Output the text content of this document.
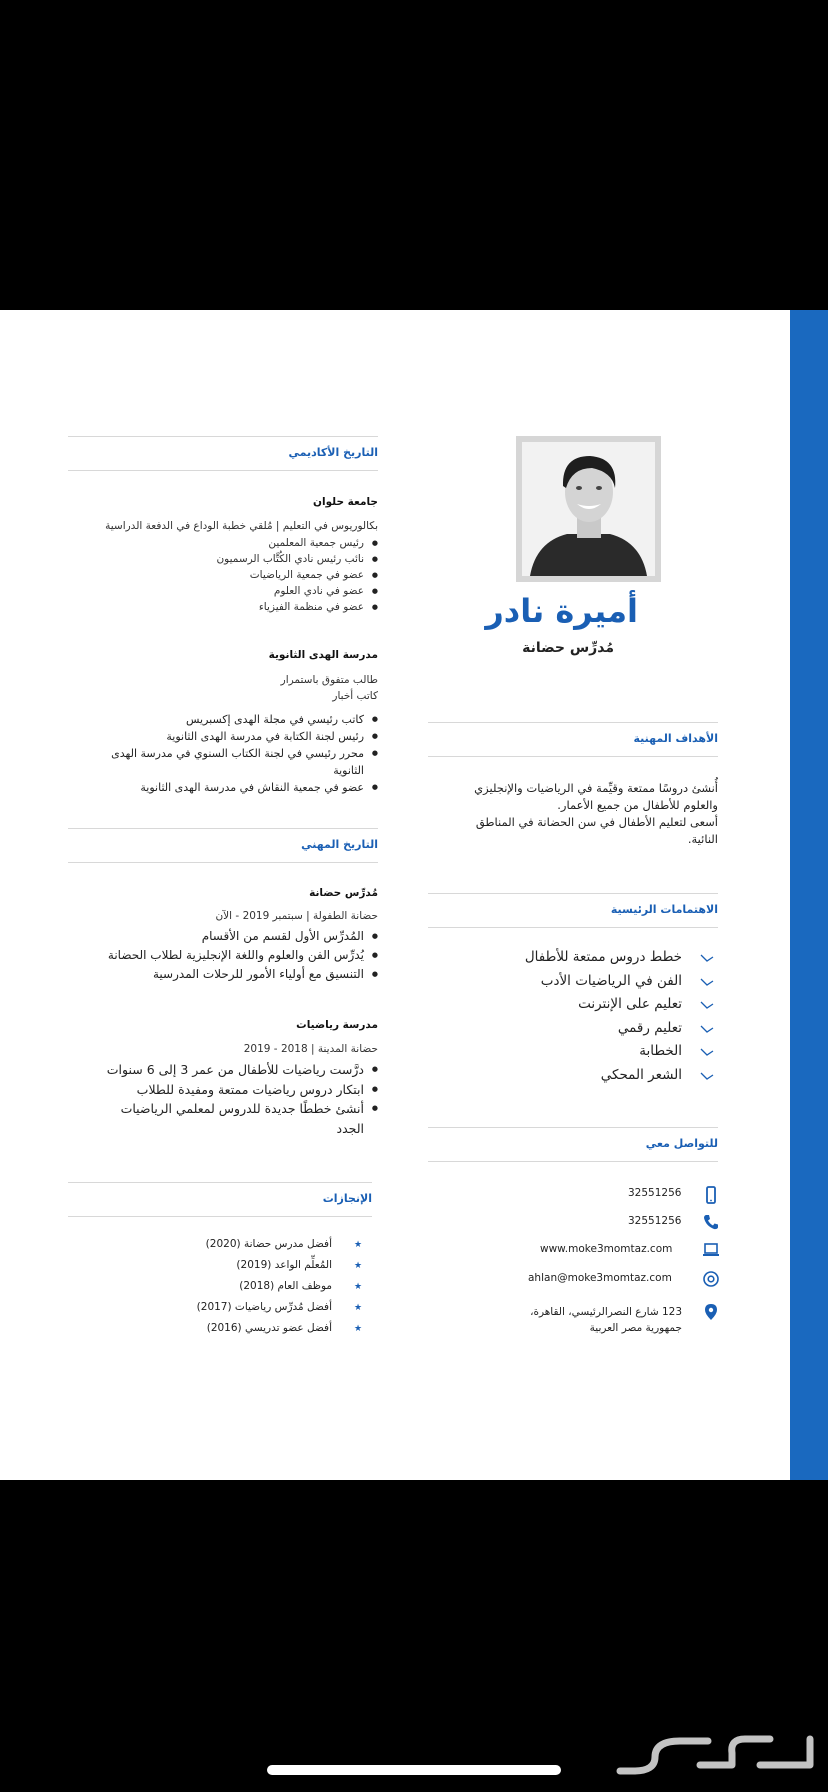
أميرة نادر
مُدرِّس حضانة
الأهداف المهنية
أُنشئ دروسًا ممتعة وقيِّمة في الرياضيات والإنجليزي
والعلوم للأطفال من جميع الأعمار.
أسعى لتعليم الأطفال في سن الحضانة في المناطق
النائية.
الاهتمامات الرئيسية
خطط دروس ممتعة للأطفال
الفن في الرياضيات الأدب
تعليم على الإنترنت
تعليم رقمي
الخطابة
الشعر المحكي
للتواصل معي
32551256
32551256
www.moke3momtaz.com
ahlan@moke3momtaz.com
123 شارع النصرالرئيسي، القاهرة،
جمهورية مصر العربية
التاريخ الأكاديمي
جامعة حلوان
بكالوريوس في التعليم | مُلقي خطبة الوداع في الدفعة الدراسية
● رئيس جمعية المعلمين
● نائب رئيس نادي الكُتَّاب الرسميون
● عضو في جمعية الرياضيات
● عضو في نادي العلوم
● عضو في منظمة الفيزياء
مدرسة الهدى الثانوية
طالب متفوق باستمرار
كاتب أخبار
● كاتب رئيسي في مجلة الهدى إكسبريس
● رئيس لجنة الكتابة في مدرسة الهدى الثانوية
● محرر رئيسي في لجنة الكتاب السنوي في مدرسة الهدى
الثانوية
● عضو في جمعية النقاش في مدرسة الهدى الثانوية
التاريخ المهني
مُدرِّس حضانة
حضانة الطفولة | سبتمبر 2019 - الآن
● المُدرِّس الأول لقسم من الأقسام
● يُدرِّس الفن والعلوم واللغة الإنجليزية لطلاب الحضانة
● التنسيق مع أولياء الأمور للرحلات المدرسية
مدرسة رياضيات
حضانة المدينة | 2018 - 2019
● درَّست رياضيات للأطفال من عمر 3 إلى 6 سنوات
● ابتكار دروس رياضيات ممتعة ومفيدة للطلاب
● أنشئ خططًا جديدة للدروس لمعلمي الرياضيات
الجدد
الإنجازات
أفضل مدرس حضانة (2020)
المُعلِّم الواعد (2019)
موظف العام (2018)
أفضل مُدرِّس رياضيات (2017)
أفضل عضو تدريسي (2016)
★
★
★
★
★
